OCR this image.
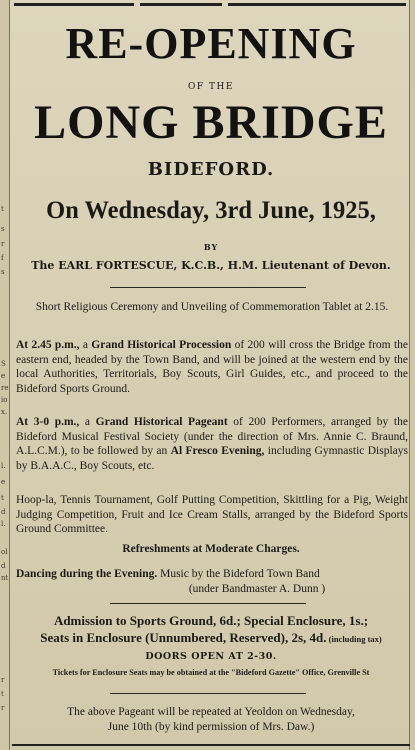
t
s
r
f
s
S
e
re
io
x.
l.
e
t
d
l.
ol
d
nt
r
t
r
RE-OPENING
OF THE
LONG BRIDGE
BIDEFORD.
On Wednesday, 3rd June, 1925,
BY
The EARL FORTESCUE, K.C.B., H.M. Lieutenant of Devon.
Short Religious Ceremony and Unveiling of Commemoration Tablet at 2.15.
At 2.45 p.m., a Grand Historical Procession of 200 will cross the Bridge from the eastern end, headed by the Town Band, and will be joined at the western end by the local Authorities, Territorials, Boy Scouts, Girl Guides, etc., and proceed to the Bideford Sports Ground.
At 3-0 p.m., a Grand Historical Pageant of 200 Performers, arranged by the Bideford Musical Festival Society (under the direction of Mrs. Annie C. Braund, A.L.C.M.), to be followed by an Al Fresco Evening, including Gymnastic Displays by B.A.A.C., Boy Scouts, etc.
Hoop-la, Tennis Tournament, Golf Putting Competition, Skittling for a Pig, Weight Judging Competition, Fruit and Ice Cream Stalls, arranged by the Bideford Sports Ground Committee.
Refreshments at Moderate Charges.
Dancing during the Evening. Music by the Bideford Town Band
(under Bandmaster A. Dunn )
Admission to Sports Ground, 6d.; Special Enclosure, 1s.;
Seats in Enclosure (Unnumbered, Reserved), 2s, 4d. (including tax)
DOORS OPEN AT 2-30.
Tickets for Enclosure Seats may be obtained at the "Bideford Gazette" Office, Grenville St
The above Pageant will be repeated at Yeoldon on Wednesday,
June 10th (by kind permission of Mrs. Daw.)
